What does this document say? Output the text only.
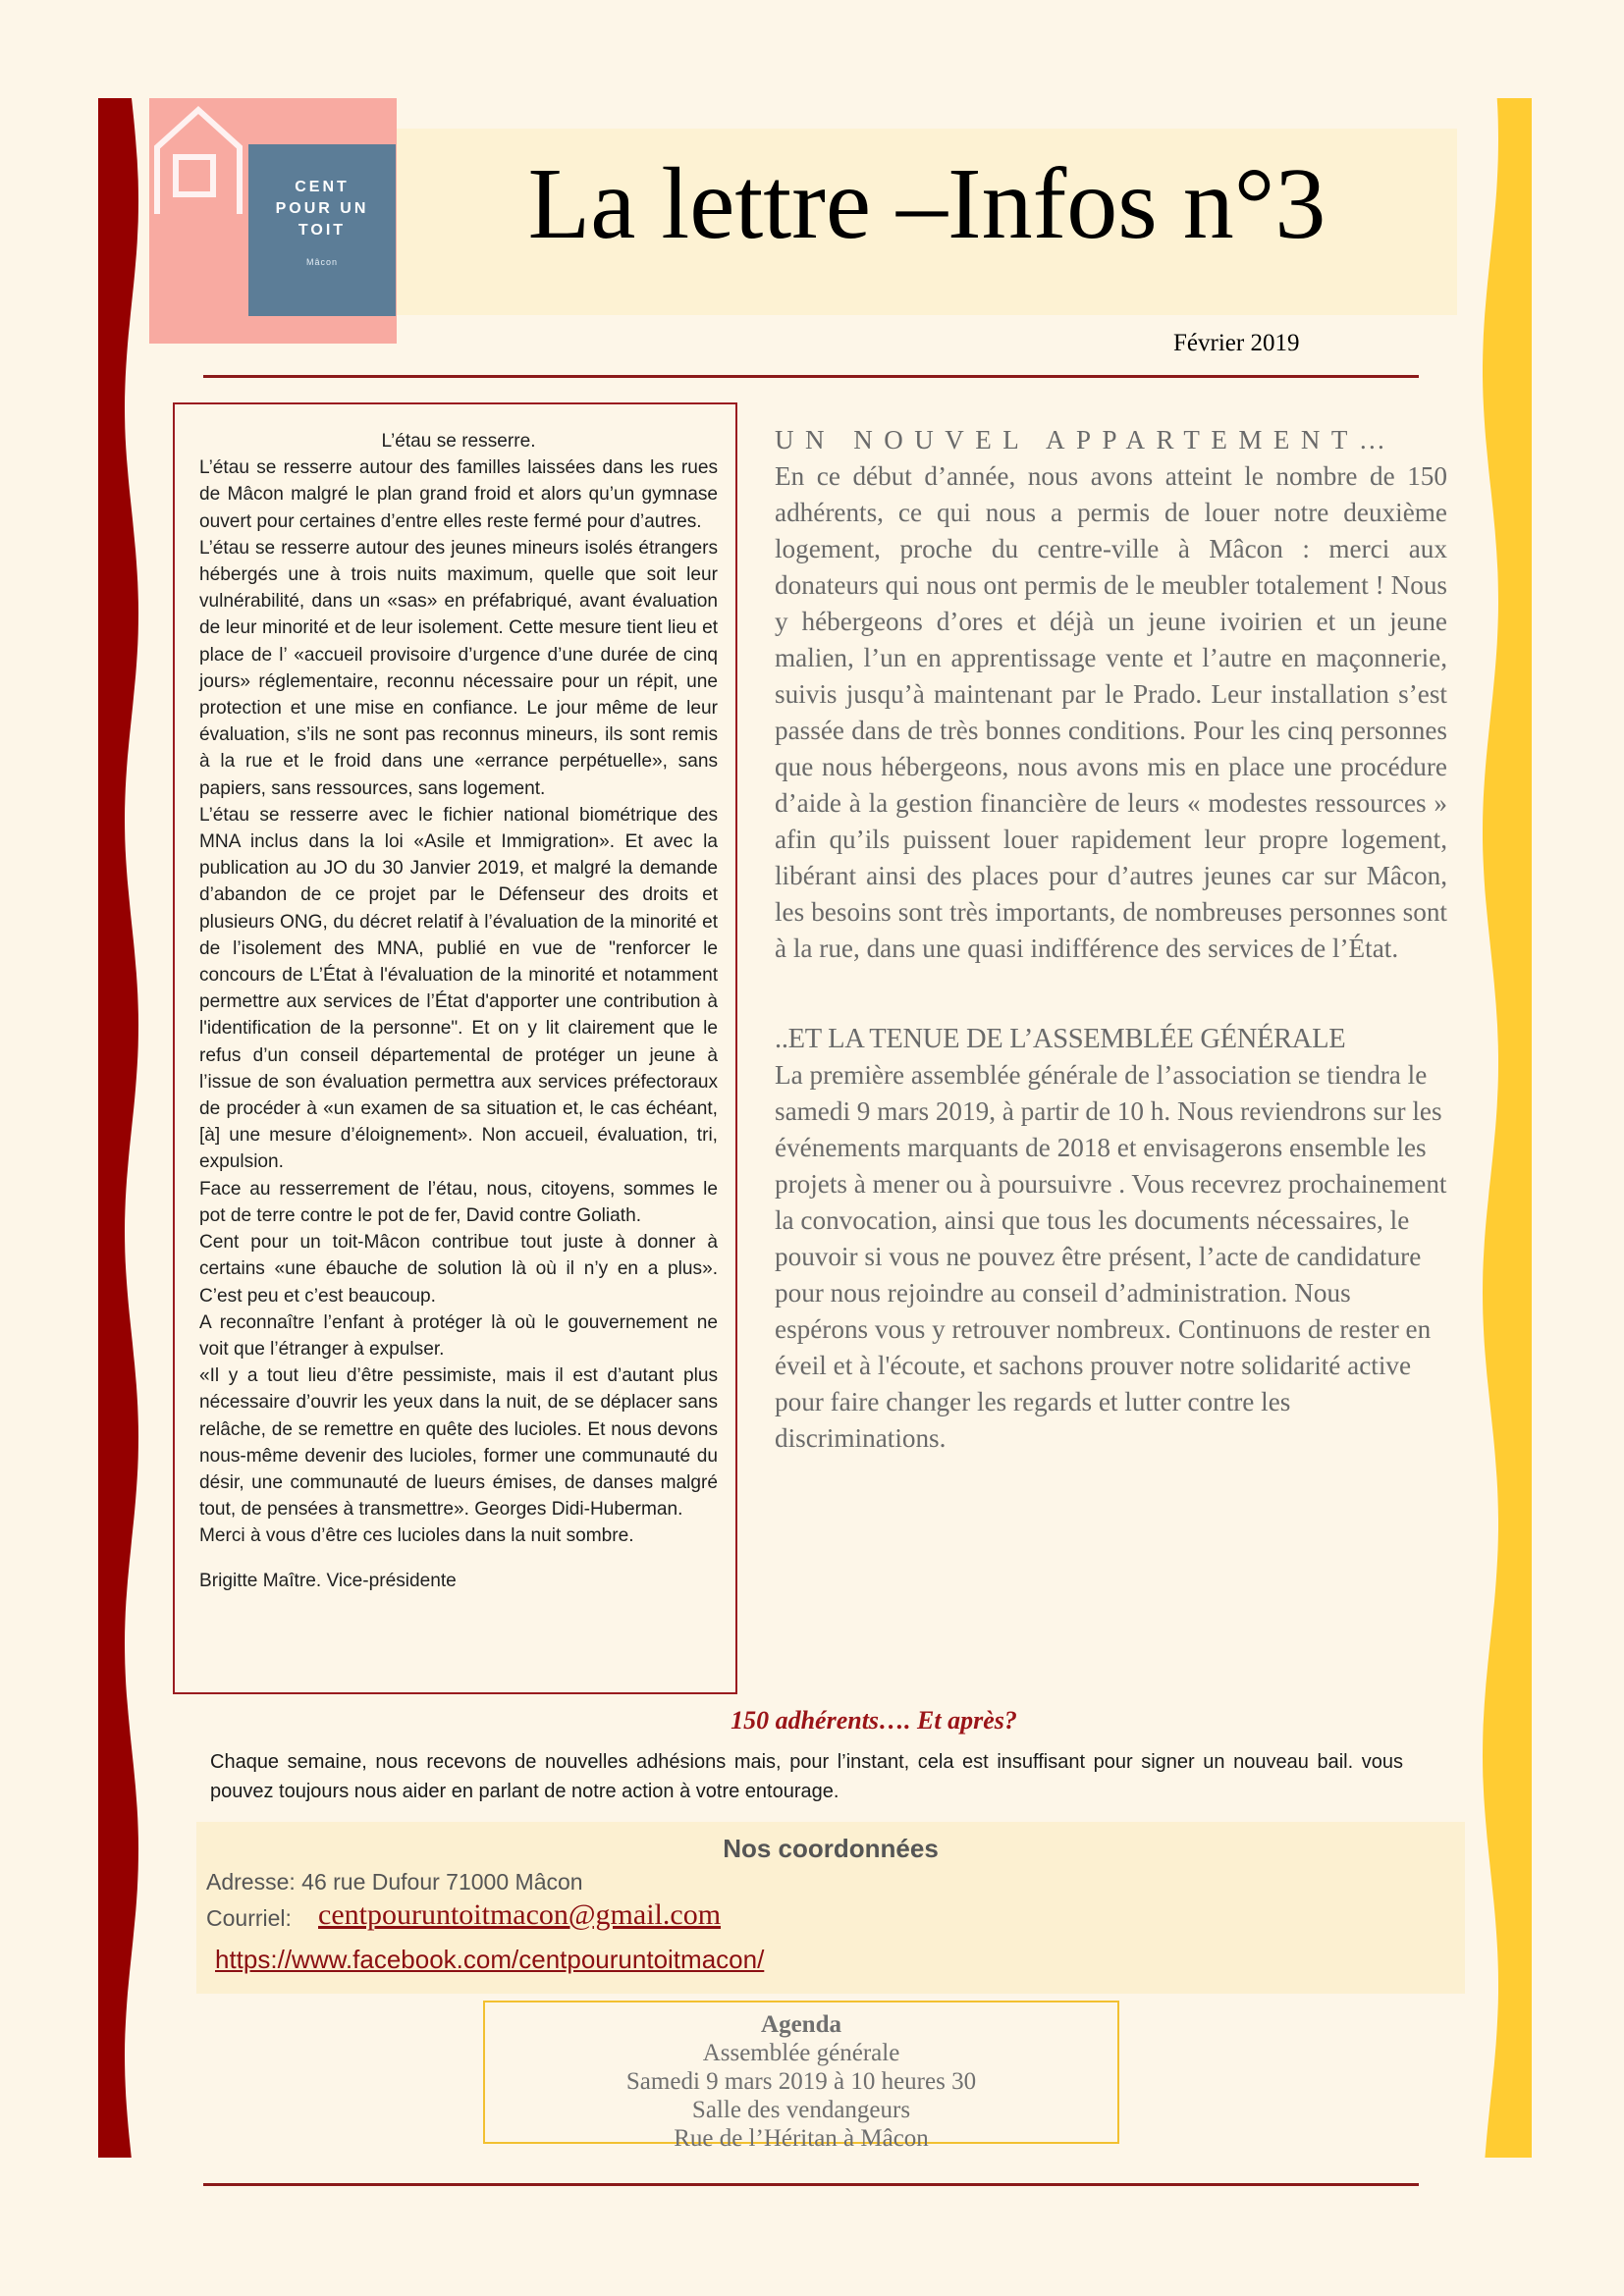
CENT
POUR UN
TOIT
Mâcon
La lettre –Infos n°3
Février 2019

L’étau se resserre.

L’étau se resserre autour des familles laissées dans les rues de Mâcon malgré le plan grand froid et alors qu’un gymnase ouvert pour certaines d’entre elles reste fermé pour d’autres.

L’étau se resserre autour des jeunes mineurs isolés étrangers hébergés une à trois nuits maximum, quelle que soit leur vulnérabilité, dans un «sas» en préfabriqué, avant évaluation de leur minorité et de leur isolement. Cette mesure tient lieu et place de l’ «accueil provisoire d’urgence d’une durée de cinq jours» réglementaire, reconnu nécessaire pour un répit, une protection et une mise en confiance. Le jour même de leur évaluation, s’ils ne sont pas reconnus mineurs, ils sont remis à la rue et le froid dans une «errance perpétuelle», sans papiers, sans ressources, sans logement.

L’étau se resserre avec le fichier national biométrique des MNA inclus dans la loi «Asile et Immigration». Et avec la publication au JO du 30 Janvier 2019, et malgré la demande d’abandon de ce projet par le Défenseur des droits et plusieurs ONG, du décret relatif à l’évaluation de la minorité et de l’isolement des MNA, publié en vue de "renforcer le concours de L’État à l'évaluation de la minorité et notamment permettre aux services de l’État d'apporter une contribution à l'identification de la personne". Et on y lit clairement que le refus d’un conseil départemental de protéger un jeune à l’issue de son évaluation permettra aux services préfectoraux de procéder à «un examen de sa situation et, le cas échéant, [à] une mesure d’éloignement». Non accueil, évaluation, tri, expulsion.

Face au resserrement de l’étau, nous, citoyens, sommes le pot de terre contre le pot de fer, David contre Goliath.

Cent pour un toit-Mâcon contribue tout juste à donner à certains «une ébauche de solution là où il n’y en a plus». C’est peu et c’est beaucoup.

A reconnaître l’enfant à protéger là où le gouvernement ne voit que l’étranger à expulser.

«Il y a tout lieu d’être pessimiste, mais il est d’autant plus nécessaire d’ouvrir les yeux dans la nuit, de se déplacer sans relâche, de se remettre en quête des lucioles. Et nous devons nous-même devenir des lucioles, former une communauté du désir, une communauté de lueurs émises, de danses malgré tout, de pensées à transmettre». Georges Didi-Huberman.

Merci à vous d’être ces lucioles dans la nuit sombre.

Brigitte Maître. Vice-présidente

UN NOUVEL APPARTEMENT…

En ce début d’année, nous avons atteint le nombre de 150 adhérents, ce qui nous a permis de louer notre deuxième logement, proche du centre-ville à Mâcon : merci aux donateurs qui nous ont permis de le meubler totalement ! Nous y hébergeons d’ores et déjà un jeune ivoirien et un jeune malien, l’un en apprentissage vente et l’autre en maçonnerie, suivis jusqu’à maintenant par le Prado. Leur installation s’est passée dans de très bonnes conditions. Pour les cinq personnes que nous hébergeons, nous avons mis en place une procédure d’aide à la gestion financière de leurs « modestes ressources » afin qu’ils puissent louer rapidement leur propre logement, libérant ainsi des places pour d’autres jeunes car sur Mâcon, les besoins sont très importants, de nombreuses personnes sont à la rue, dans une quasi indifférence des services de l’État.

..ET LA TENUE DE L’ASSEMBLÉE GÉNÉRALE

La première assemblée générale de l’association se tiendra le samedi 9 mars 2019, à partir de 10 h. Nous reviendrons sur les événements marquants de 2018 et envisagerons ensemble les projets à mener ou à poursuivre . Vous recevrez prochainement la convocation, ainsi que tous les documents nécessaires, le pouvoir si vous ne pouvez être présent, l’acte de candidature pour nous rejoindre au conseil d’administration. Nous espérons vous y retrouver nombreux. Continuons de rester en éveil et à l'écoute, et sachons prouver notre solidarité active pour faire changer les regards et lutter contre les discriminations.

150 adhérents…. Et après?
Chaque semaine, nous recevons de nouvelles adhésions mais, pour l’instant, cela est insuffisant pour signer un nouveau bail. vous pouvez toujours nous aider en parlant de notre action à votre entourage.
Nos coordonnées
Adresse: 46 rue Dufour 71000 Mâcon
Courriel: centpouruntoitmacon@gmail.com
https://www.facebook.com/centpouruntoitmacon/
Agenda
Assemblée générale
Samedi 9 mars 2019 à 10 heures 30
Salle des vendangeurs
Rue de l’Héritan à Mâcon
